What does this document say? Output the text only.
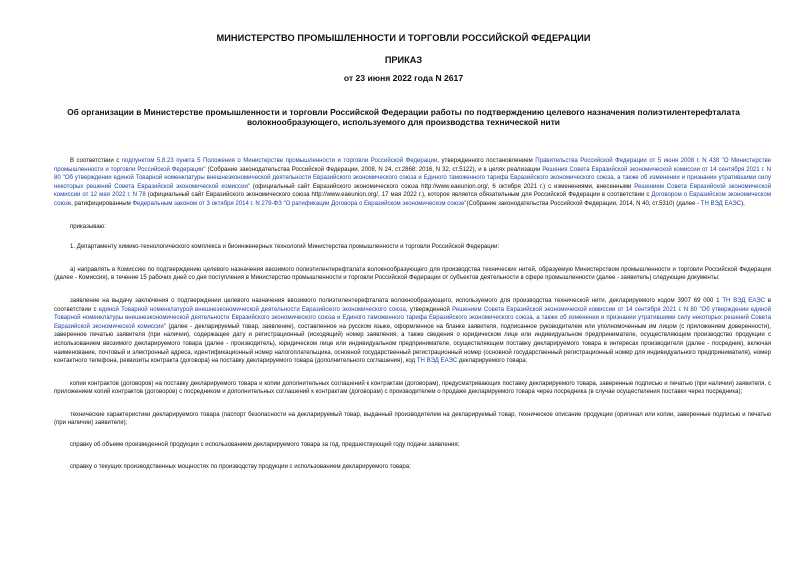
МИНИСТЕРСТВО ПРОМЫШЛЕННОСТИ И ТОРГОВЛИ РОССИЙСКОЙ ФЕДЕРАЦИИ
ПРИКАЗ
от 23 июня 2022 года N 2617
Об организации в Министерстве промышленности и торговли Российской Федерации работы по подтверждению целевого назначения полиэтилентерефталата волокнообразующего, используемого для производства технической нити

В соответствии с подпунктом 5.8.23 пункта 5 Положения о Министерстве промышленности и торговли Российской Федерации, утвержденного постановлением Правительства Российской Федерации от 5 июня 2008 г. N 438 "О Министерстве промышленности и торговли Российской Федерации" (Собрание законодательства Российской Федерации, 2008, N 24, ст.2868; 2016, N 32, ст.5122), и в целях реализации Решения Совета Евразийской экономической комиссии от 14 сентября 2021 г. N 80 "Об утверждении единой Товарной номенклатуры внешнеэкономической деятельности Евразийского экономического союза и Единого таможенного тарифа Евразийского экономического союза, а также об изменении и признании утратившими силу некоторых решений Совета Евразийской экономической комиссии" (официальный сайт Евразийского экономического союза http://www.eaeunion.org/, 6 октября 2021 г.) с изменениями, внесенными Решением Совета Евразийской экономической комиссии от 12 мая 2022 г. N 78 (официальный сайт Евразийского экономического союза http://www.eaeunion.org/, 17 мая 2022 г.), которое является обязательным для Российской Федерации в соответствии с Договором о Евразийском экономическом союзе, ратифицированным Федеральным законом от 3 октября 2014 г. N 279-ФЗ "О ратификации Договора о Евразийском экономическом союзе"(Собрание законодательства Российской Федерации, 2014, N 40, ст.5310) (далее - ТН ВЭД ЕАЭС),

приказываю:

1. Департаменту химико-технологического комплекса и биоинженерных технологий Министерства промышленности и торговли Российской Федерации:

а) направлять в Комиссию по подтверждению целевого назначения ввозимого полиэтилентерефталата волокнообразующего для производства технических нитей, образуемую Министерством промышленности и торговли Российской Федерации (далее - Комиссия), в течение 15 рабочих дней со дня поступления в Министерство промышленности и торговли Российской Федерации от субъектов деятельности в сфере промышленности (далее - заявитель) следующие документы:

заявление на выдачу заключения о подтверждении целевого назначения ввозимого полиэтилентерефталата волокнообразующего, используемого для производства технической нити, декларируемого кодом 3907 69 000 1 ТН ВЭД ЕАЭС в соответствии с единой Товарной номенклатурой внешнеэкономической деятельности Евразийского экономического союза, утвержденной Решением Совета Евразийской экономической комиссии от 14 сентября 2021 г. N 80 "Об утверждении единой Товарной номенклатуры внешнеэкономической деятельности Евразийского экономического союза и Единого таможенного тарифа Евразийского экономического союза, а также об изменении и признании утратившими силу некоторых решений Совета Евразийской экономической комиссии" (далее - декларируемый товар, заявление), составленное на русском языке, оформленное на бланке заявителя, подписанное руководителем или уполномоченным им лицом (с приложением доверенности), заверенное печатью заявителя (при наличии), содержащее дату и регистрационный (исходящий) номер заявления, а также сведения о юридическом лице или индивидуальном предпринимателе, осуществляющем производство продукции с использованием ввозимого декларируемого товара (далее - производитель), юридическом лице или индивидуальном предпринимателе, осуществляющем поставку декларируемого товара в интересах производителя (далее - посредник), включая наименование, почтовый и электронный адреса, идентификационный номер налогоплательщика, основной государственный регистрационный номер (основной государственный регистрационный номер для индивидуального предпринимателя), номер контактного телефона, реквизиты контракта (договора) на поставку декларируемого товара (дополнительного соглашения), код ТН ВЭД ЕАЭС декларируемого товара;

копии контрактов (договоров) на поставку декларируемого товара и копии дополнительных соглашений к контрактам (договорам), предусматривающих поставку декларируемого товара, заверенные подписью и печатью (при наличии) заявителя, с приложением копий контрактов (договоров) с посредником и дополнительных соглашений к контрактам (договорам) с производителем о продаже декларируемого товара через посредника (в случае осуществления поставки через посредника);

технические характеристики декларируемого товара (паспорт безопасности на декларируемый товар, выданный производителем на декларируемый товар, техническое описание продукции (оригинал или копии, заверенные подписью и печатью (при наличии) заявителя);

справку об объеме произведенной продукции с использованием декларируемого товара за год, предшествующий году подачи заявления;

справку о текущих производственных мощностях по производству продукции с использованием декларируемого товара;
